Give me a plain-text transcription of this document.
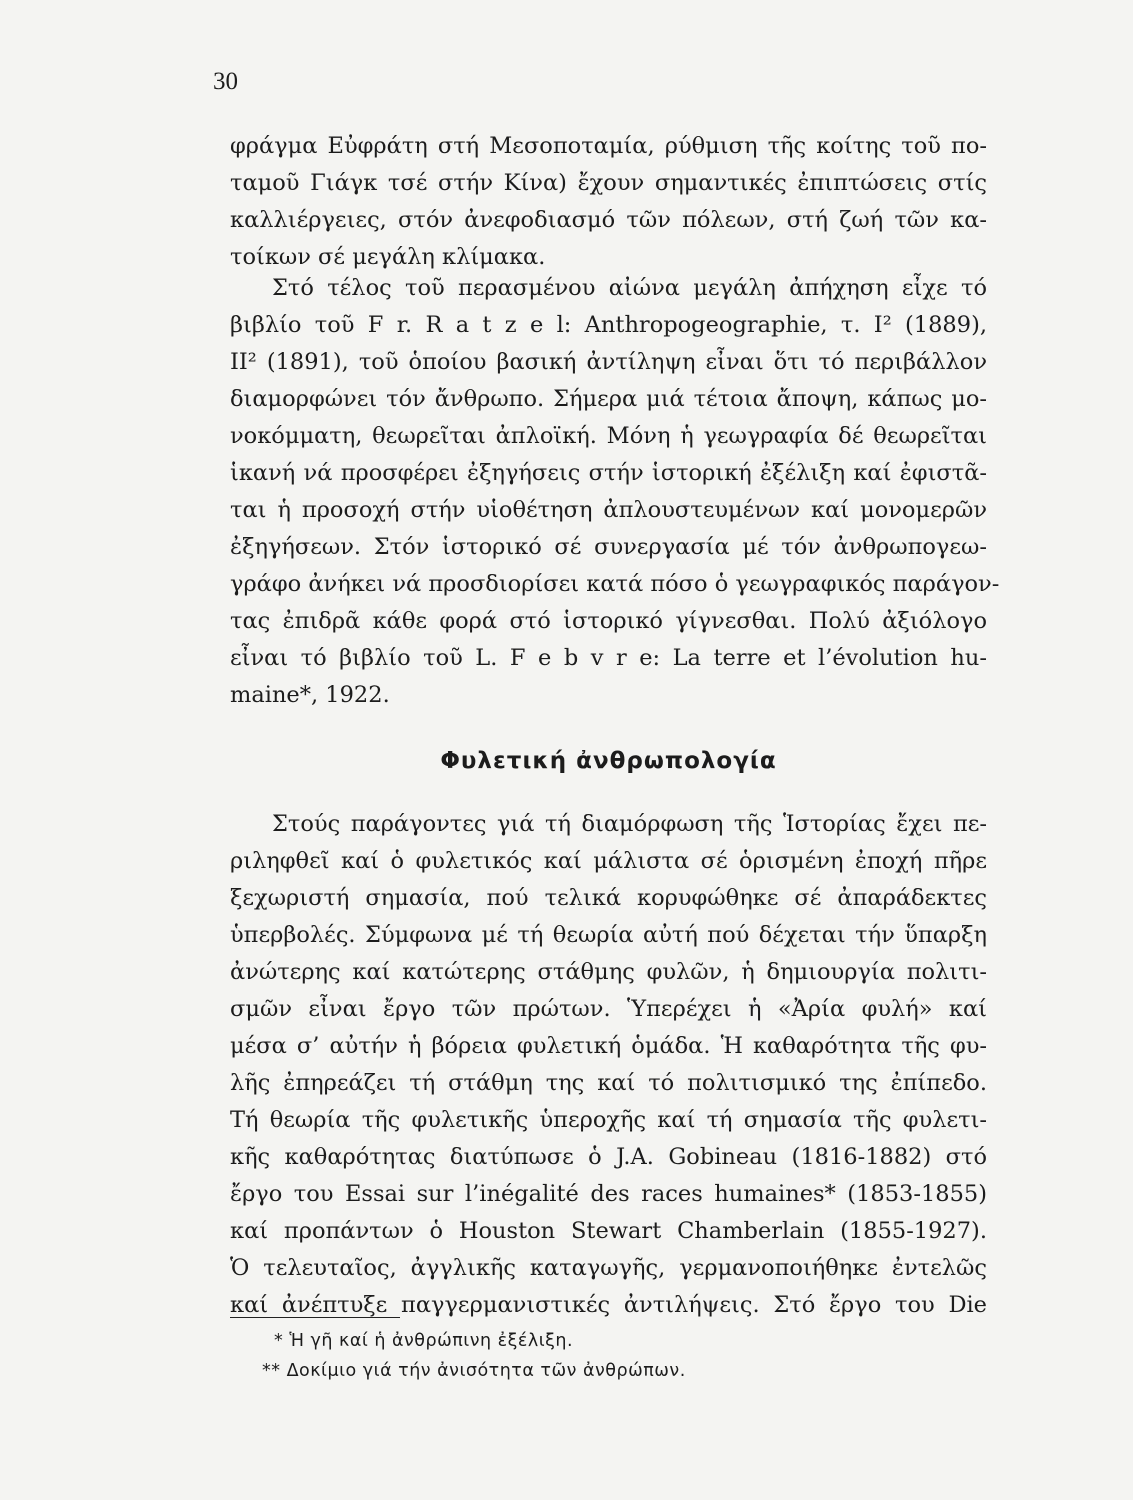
30
φράγμα Εὐφράτη στή Μεσοποταμία, ρύθμιση τῆς κοίτης τοῦ πο-
ταμοῦ Γιάγκ τσέ στήν Κίνα) ἔχουν σημαντικές ἐπιπτώσεις στίς
καλλιέργειες, στόν ἀνεφοδιασμό τῶν πόλεων, στή ζωή τῶν κα-
τοίκων σέ μεγάλη κλίμακα.
Στό τέλος τοῦ περασμένου αἰώνα μεγάλη ἀπήχηση εἶχε τό
βιβλίο τοῦ F r. R a t z e l: Anthropogeographie, τ. I² (1889),
II² (1891), τοῦ ὁποίου βασική ἀντίληψη εἶναι ὅτι τό περιβάλλον
διαμορφώνει τόν ἄνθρωπο. Σήμερα μιά τέτοια ἄποψη, κάπως μο-
νοκόμματη, θεωρεῖται ἀπλοϊκή. Μόνη ἡ γεωγραφία δέ θεωρεῖται
ἱκανή νά προσφέρει ἐξηγήσεις στήν ἱστορική ἐξέλιξη καί ἐφιστᾶ-
ται ἡ προσοχή στήν υἱοθέτηση ἀπλουστευμένων καί μονομερῶν
ἐξηγήσεων. Στόν ἱστορικό σέ συνεργασία μέ τόν ἀνθρωπογεω-
γράφο ἀνήκει νά προσδιορίσει κατά πόσο ὁ γεωγραφικός παράγον-
τας ἐπιδρᾶ κάθε φορά στό ἱστορικό γίγνεσθαι. Πολύ ἀξιόλογο
εἶναι τό βιβλίο τοῦ L. F e b v r e: La terre et l’évolution hu-
maine*, 1922.
Φυλετική ἀνθρωπολογία
Στούς παράγοντες γιά τή διαμόρφωση τῆς Ἱστορίας ἔχει πε-
ριληφθεῖ καί ὁ φυλετικός καί μάλιστα σέ ὁρισμένη ἐποχή πῆρε
ξεχωριστή σημασία, πού τελικά κορυφώθηκε σέ ἀπαράδεκτες
ὑπερβολές. Σύμφωνα μέ τή θεωρία αὐτή πού δέχεται τήν ὕπαρξη
ἀνώτερης καί κατώτερης στάθμης φυλῶν, ἡ δημιουργία πολιτι-
σμῶν εἶναι ἔργο τῶν πρώτων. Ὑπερέχει ἡ «Ἀρία φυλή» καί
μέσα σ’ αὐτήν ἡ βόρεια φυλετική ὁμάδα. Ἡ καθαρότητα τῆς φυ-
λῆς ἐπηρεάζει τή στάθμη της καί τό πολιτισμικό της ἐπίπεδο.
Τή θεωρία τῆς φυλετικῆς ὑπεροχῆς καί τή σημασία τῆς φυλετι-
κῆς καθαρότητας διατύπωσε ὁ J.A. Gobineau (1816-1882) στό
ἔργο του Essai sur l’inégalité des races humaines* (1853-1855)
καί προπάντων ὁ Houston Stewart Chamberlain (1855-1927).
Ὁ τελευταῖος, ἀγγλικῆς καταγωγῆς, γερμανοποιήθηκε ἐντελῶς
καί ἀνέπτυξε παγγερμανιστικές ἀντιλήψεις. Στό ἔργο του Die
* Ἡ γῆ καί ἡ ἀνθρώπινη ἐξέλιξη.
** Δοκίμιο γιά τήν ἀνισότητα τῶν ἀνθρώπων.
